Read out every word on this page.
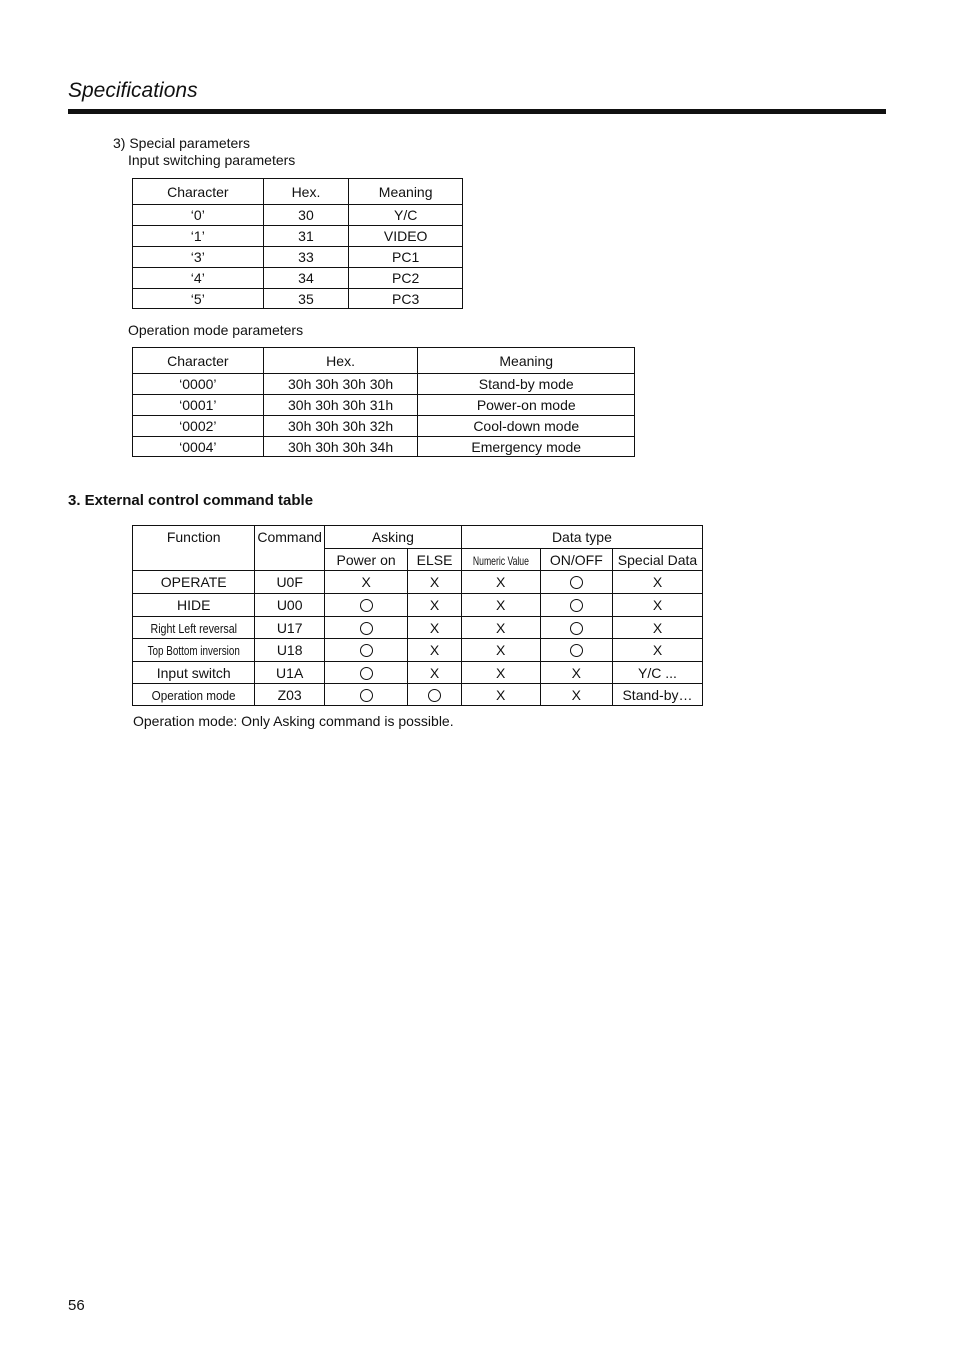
Specifications
3) Special parameters
Input switching parameters
Character	Hex.	Meaning
‘0’	30	Y/C
‘1’	31	VIDEO
‘3’	33	PC1
‘4’	34	PC2
‘5’	35	PC3
Operation mode parameters
Character	Hex.	Meaning
‘0000’	30h 30h 30h 30h	Stand-by mode
‘0001’	30h 30h 30h 31h	Power-on mode
‘0002’	30h 30h 30h 32h	Cool-down mode
‘0004’	30h 30h 30h 34h	Emergency mode
3. External control command table
Function	Command	Asking		Data type		
		Power on	ELSE	Numeric Value	ON/OFF	Special Data
OPERATE	U0F	X	X	X		X
HIDE	U00		X	X		X
Right Left reversal	U17		X	X		X
Top Bottom inversion	U18		X	X		X
Input switch	U1A		X	X	X	Y/C ...
Operation mode	Z03			X	X	Stand-by…
Operation mode: Only Asking command is possible.
56
